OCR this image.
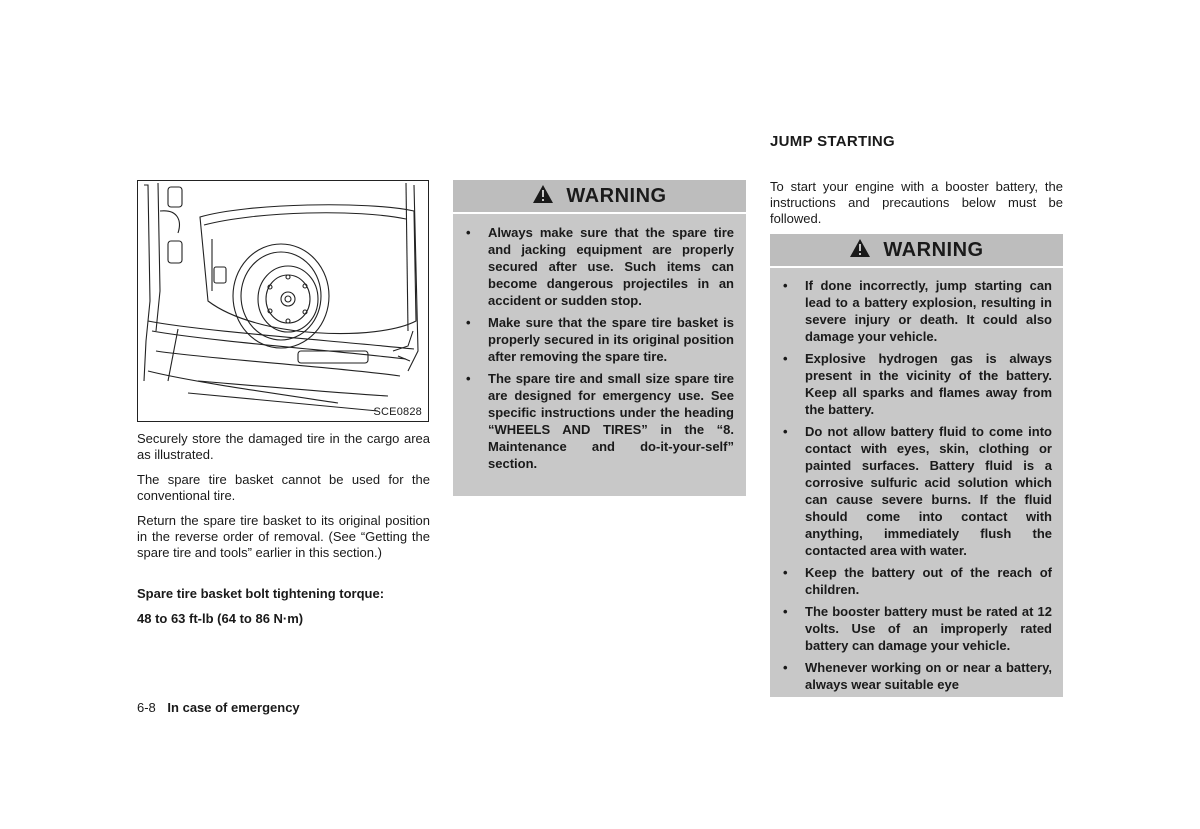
SCE0828

Securely store the damaged tire in the cargo area as illustrated.

The spare tire basket cannot be used for the conventional tire.

Return the spare tire basket to its original position in the reverse order of removal. (See “Getting the spare tire and tools” earlier in this section.)

Spare tire basket bolt tightening torque:

48 to 63 ft-lb (64 to 86 N·m)

WARNING
• Always make sure that the spare tire and jacking equipment are properly secured after use. Such items can become dangerous projectiles in an accident or sudden stop.
• Make sure that the spare tire basket is properly secured in its original position after removing the spare tire.
• The spare tire and small size spare tire are designed for emergency use. See specific instructions under the heading “WHEELS AND TIRES” in the “8. Maintenance and do-it-your-self” section.
JUMP STARTING

To start your engine with a booster battery, the instructions and precautions below must be followed.

WARNING
• If done incorrectly, jump starting can lead to a battery explosion, resulting in severe injury or death. It could also damage your vehicle.
• Explosive hydrogen gas is always present in the vicinity of the battery. Keep all sparks and flames away from the battery.
• Do not allow battery fluid to come into contact with eyes, skin, clothing or painted surfaces. Battery fluid is a corrosive sulfuric acid solution which can cause severe burns. If the fluid should come into contact with anything, immediately flush the contacted area with water.
• Keep the battery out of the reach of children.
• The booster battery must be rated at 12 volts. Use of an improperly rated battery can damage your vehicle.
• Whenever working on or near a battery, always wear suitable eye
6-8 In case of emergency
